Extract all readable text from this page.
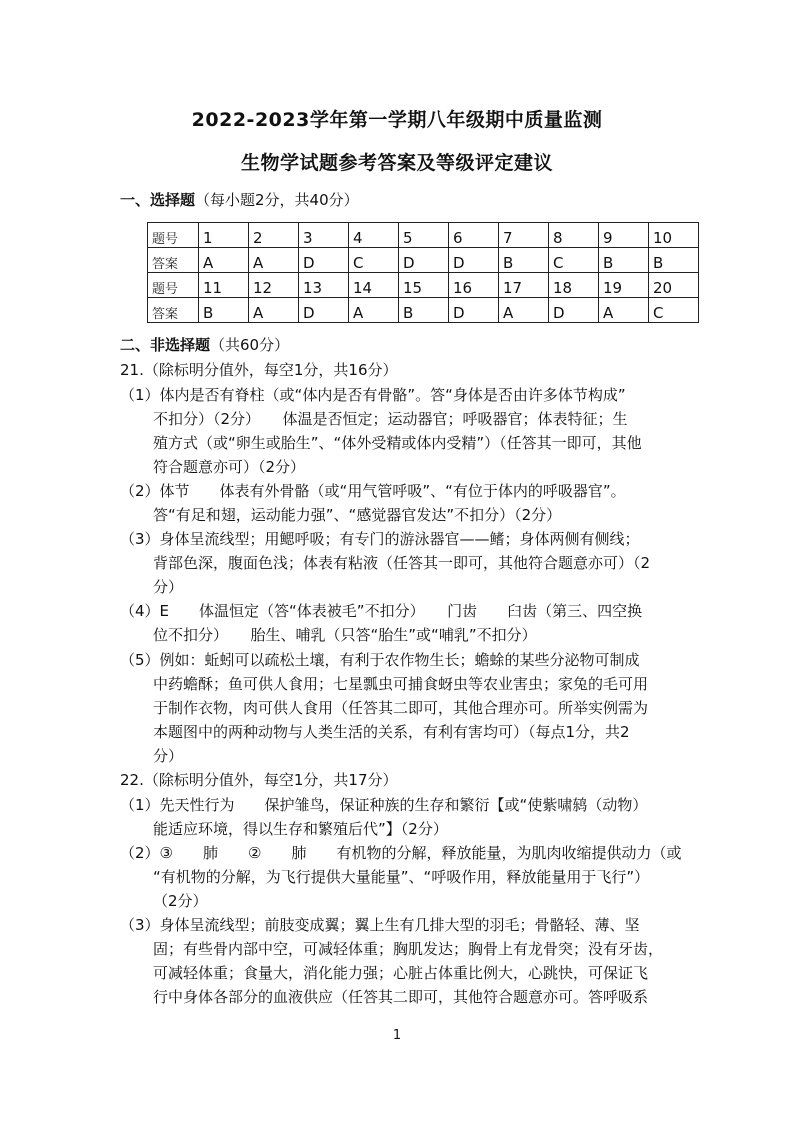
2022-2023学年第一学期八年级期中质量监测
生物学试题参考答案及等级评定建议
一、选择题（每小题2分，共40分）
题号	1	2	3	4	5	6	7	8	9	10
答案	A	A	D	C	D	D	B	C	B	B
题号	11	12	13	14	15	16	17	18	19	20
答案	B	A	D	A	B	D	A	D	A	C
二、非选择题（共60分）
21.（除标明分值外，每空1分，共16分）
（1）体内是否有脊柱（或“体内是否有骨骼”。答“身体是否由许多体节构成”
不扣分）（2分）　　体温是否恒定；运动器官；呼吸器官；体表特征；生
殖方式（或“卵生或胎生”、“体外受精或体内受精”）（任答其一即可，其他
符合题意亦可）（2分）
（2）体节　　体表有外骨骼（或“用气管呼吸”、“有位于体内的呼吸器官”。
答“有足和翅，运动能力强”、“感觉器官发达”不扣分）（2分）
（3）身体呈流线型；用鳃呼吸；有专门的游泳器官——鳍；身体两侧有侧线；
背部色深，腹面色浅；体表有粘液（任答其一即可，其他符合题意亦可）（2
分）
（4）E　　体温恒定（答“体表被毛”不扣分）　　门齿　　臼齿（第三、四空换
位不扣分）　　胎生、哺乳（只答“胎生”或“哺乳”不扣分）
（5）例如：蚯蚓可以疏松土壤，有利于农作物生长；蟾蜍的某些分泌物可制成
中药蟾酥；鱼可供人食用；七星瓢虫可捕食蚜虫等农业害虫；家兔的毛可用
于制作衣物，肉可供人食用（任答其二即可，其他合理亦可。所举实例需为
本题图中的两种动物与人类生活的关系，有利有害均可）（每点1分，共2
分）
22.（除标明分值外，每空1分，共17分）
（1）先天性行为　　保护雏鸟，保证种族的生存和繁衍【或“使紫啸鸫（动物）
能适应环境，得以生存和繁殖后代”】（2分）
（2）③　　肺　　②　　肺　　有机物的分解，释放能量，为肌肉收缩提供动力（或
“有机物的分解，为飞行提供大量能量”、“呼吸作用，释放能量用于飞行”）
（2分）
（3）身体呈流线型；前肢变成翼；翼上生有几排大型的羽毛；骨骼轻、薄、坚
固；有些骨内部中空，可减轻体重；胸肌发达；胸骨上有龙骨突；没有牙齿，
可减轻体重；食量大，消化能力强；心脏占体重比例大，心跳快，可保证飞
行中身体各部分的血液供应（任答其二即可，其他符合题意亦可。答呼吸系
1
